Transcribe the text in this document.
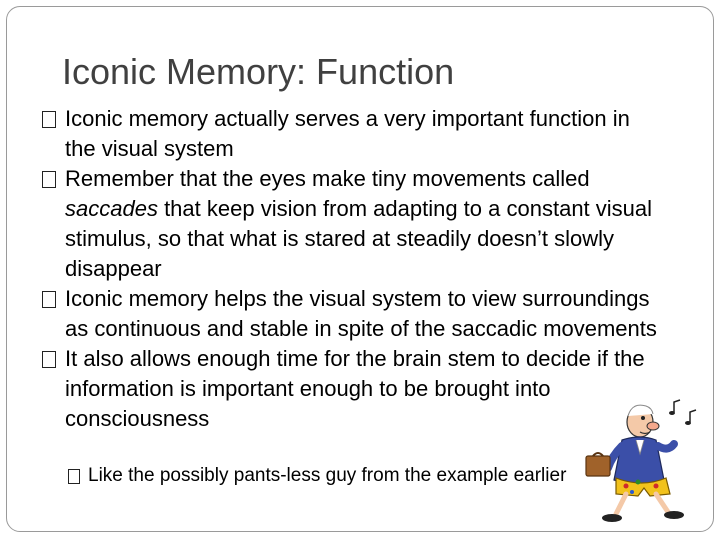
Iconic Memory: Function
Iconic memory actually serves a very important function in the visual system
Remember that the eyes make tiny movements called saccades that keep vision from adapting to a constant visual stimulus, so that what is stared at steadily doesn’t slowly disappear
Iconic memory helps the visual system to view surroundings as continuous and stable in spite of the saccadic movements
It also allows enough time for the brain stem to decide if the information is important enough to be brought into consciousness
Like the possibly pants-less guy from the example earlier
